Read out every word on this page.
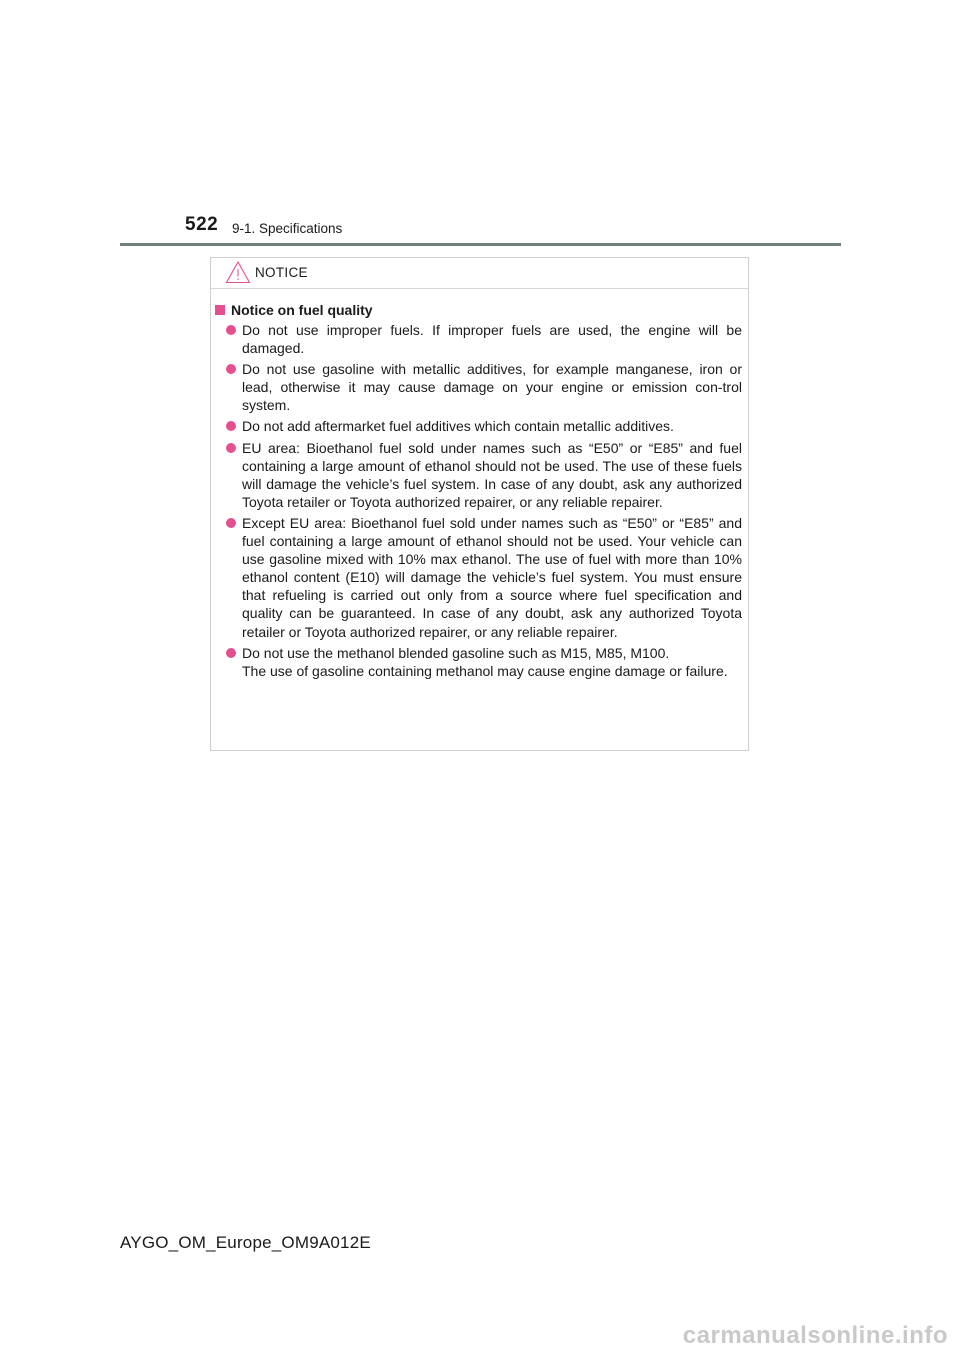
522 9-1. Specifications
NOTICE
Notice on fuel quality
Do not use improper fuels. If improper fuels are used, the engine will be damaged.
Do not use gasoline with metallic additives, for example manganese, iron or lead, otherwise it may cause damage on your engine or emission con-trol system.
Do not add aftermarket fuel additives which contain metallic additives.
EU area: Bioethanol fuel sold under names such as “E50” or “E85” and fuel containing a large amount of ethanol should not be used. The use of these fuels will damage the vehicle’s fuel system. In case of any doubt, ask any authorized Toyota retailer or Toyota authorized repairer, or any reliable repairer.
Except EU area: Bioethanol fuel sold under names such as “E50” or “E85” and fuel containing a large amount of ethanol should not be used. Your vehicle can use gasoline mixed with 10% max ethanol. The use of fuel with more than 10% ethanol content (E10) will damage the vehicle’s fuel system. You must ensure that refueling is carried out only from a source where fuel specification and quality can be guaranteed. In case of any doubt, ask any authorized Toyota retailer or Toyota authorized repairer, or any reliable repairer.
Do not use the methanol blended gasoline such as M15, M85, M100.
The use of gasoline containing methanol may cause engine damage or failure.
AYGO_OM_Europe_OM9A012E
carmanualsonline.info
